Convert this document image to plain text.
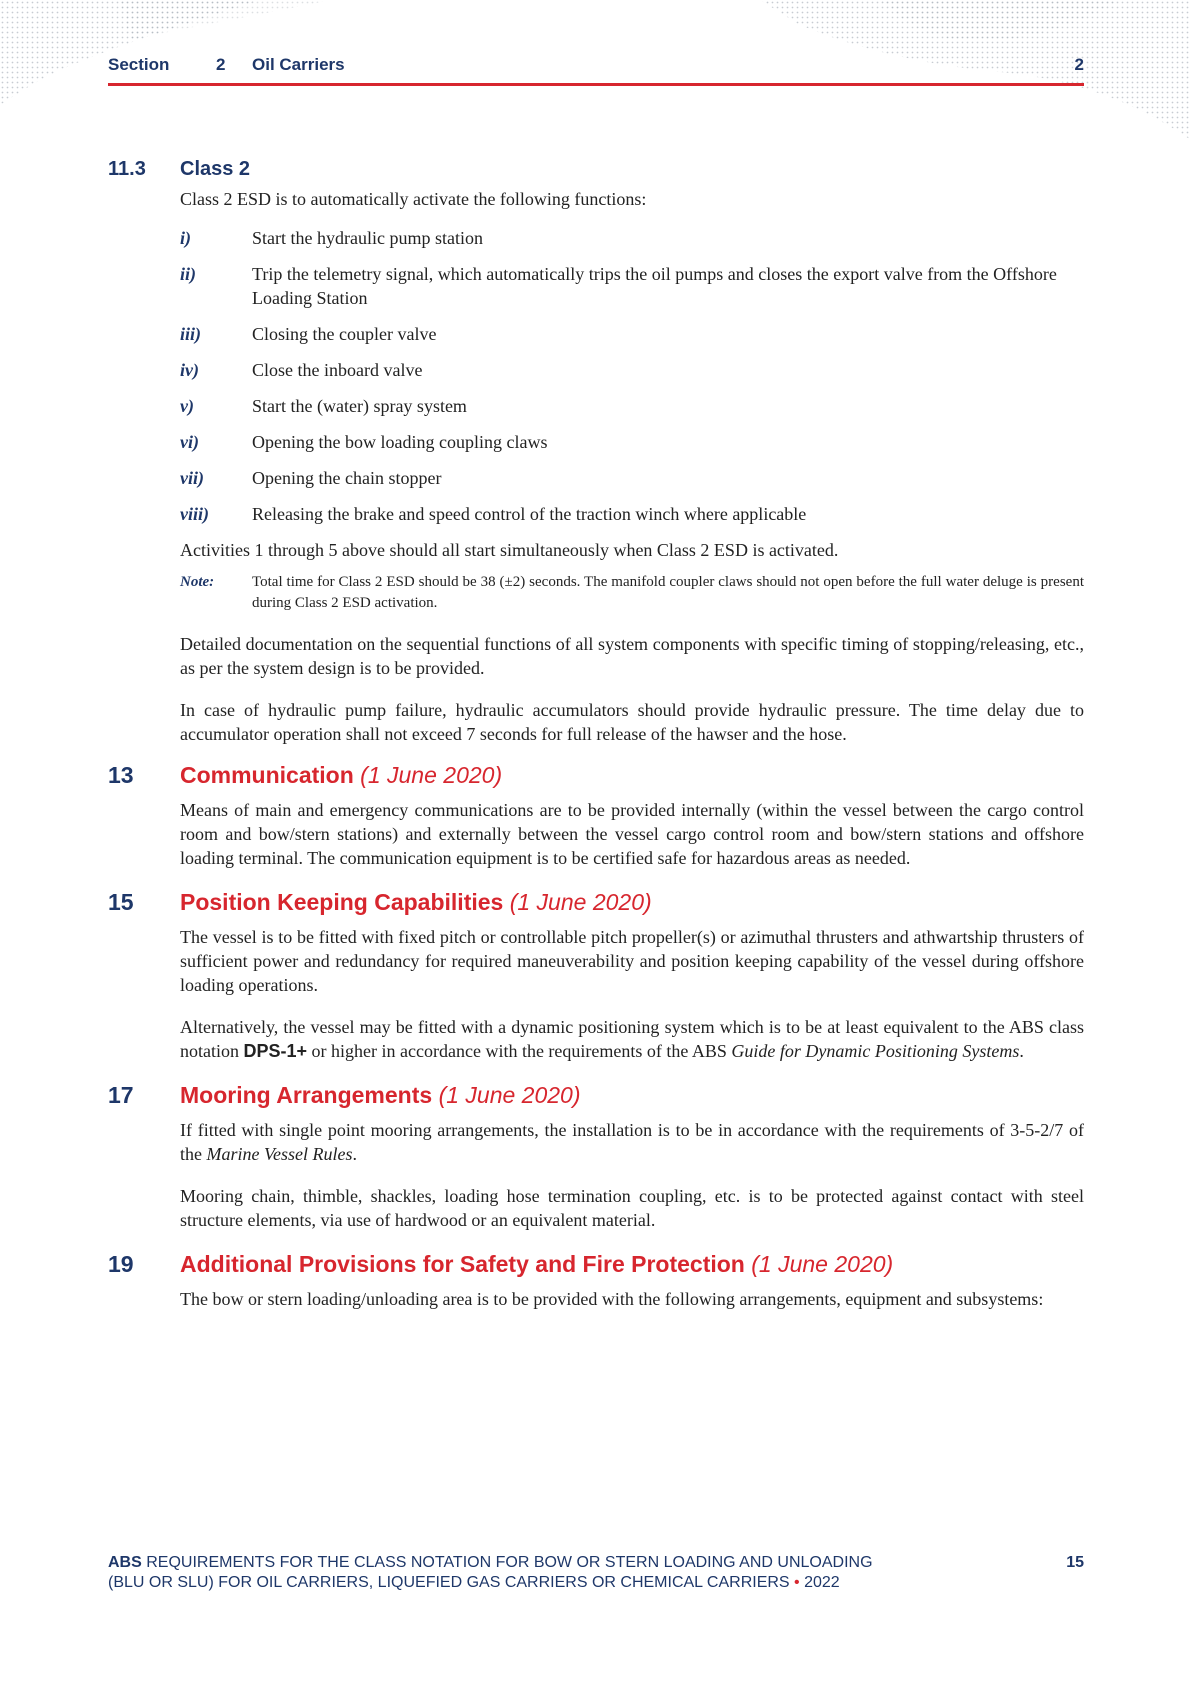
Section	2 Oil Carriers	2
11.3	Class 2

Class 2 ESD is to automatically activate the following functions:

i)	Start the hydraulic pump station
ii)	Trip the telemetry signal, which automatically trips the oil pumps and closes the export valve from the Offshore Loading Station
iii)	Closing the coupler valve
iv)	Close the inboard valve
v)	Start the (water) spray system
vi)	Opening the bow loading coupling claws
vii)	Opening the chain stopper
viii)	Releasing the brake and speed control of the traction winch where applicable

Activities 1 through 5 above should all start simultaneously when Class 2 ESD is activated.

Note:	Total time for Class 2 ESD should be 38 (±2) seconds. The manifold coupler claws should not open before the full water deluge is present during Class 2 ESD activation.

Detailed documentation on the sequential functions of all system components with specific timing of stopping/releasing, etc., as per the system design is to be provided.

In case of hydraulic pump failure, hydraulic accumulators should provide hydraulic pressure. The time delay due to accumulator operation shall not exceed 7 seconds for full release of the hawser and the hose.

13	Communication (1 June 2020)

Means of main and emergency communications are to be provided internally (within the vessel between the cargo control room and bow/stern stations) and externally between the vessel cargo control room and bow/stern stations and offshore loading terminal. The communication equipment is to be certified safe for hazardous areas as needed.

15	Position Keeping Capabilities (1 June 2020)

The vessel is to be fitted with fixed pitch or controllable pitch propeller(s) or azimuthal thrusters and athwartship thrusters of sufficient power and redundancy for required maneuverability and position keeping capability of the vessel during offshore loading operations.

Alternatively, the vessel may be fitted with a dynamic positioning system which is to be at least equivalent to the ABS class notation DPS-1+ or higher in accordance with the requirements of the ABS Guide for Dynamic Positioning Systems.

17	Mooring Arrangements (1 June 2020)

If fitted with single point mooring arrangements, the installation is to be in accordance with the requirements of 3-5-2/7 of the Marine Vessel Rules.

Mooring chain, thimble, shackles, loading hose termination coupling, etc. is to be protected against contact with steel structure elements, via use of hardwood or an equivalent material.

19	Additional Provisions for Safety and Fire Protection (1 June 2020)

The bow or stern loading/unloading area is to be provided with the following arrangements, equipment and subsystems:

ABS REQUIREMENTS FOR THE CLASS NOTATION FOR BOW OR STERN LOADING AND UNLOADING
(BLU OR SLU) FOR OIL CARRIERS, LIQUEFIED GAS CARRIERS OR CHEMICAL CARRIERS • 2022
15
